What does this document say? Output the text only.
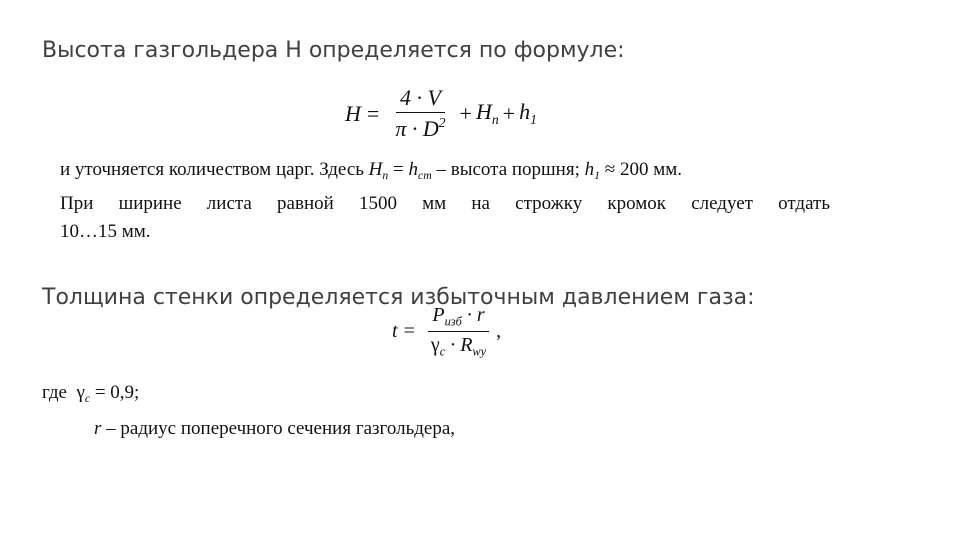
Высота газгольдера Н определяется по формуле:
$H = \frac{4 \cdot V}{\pi \cdot D^2} + H_n + h_1$
и уточняется количеством царг. Здесь $H_n = h_{cm}$ – высота поршня; $h_1 \approx 200$ мм.
При ширине листа равной 1500 мм на строжку кромок следует отдать
10…15 мм.
Толщина стенки определяется избыточным давлением газа:
$t = \frac{P_{изб} \cdot r}{\gamma_c \cdot R_{wy}}$ ,
где $\gamma_c = 0,9$;
r – радиус поперечного сечения газгольдера,
